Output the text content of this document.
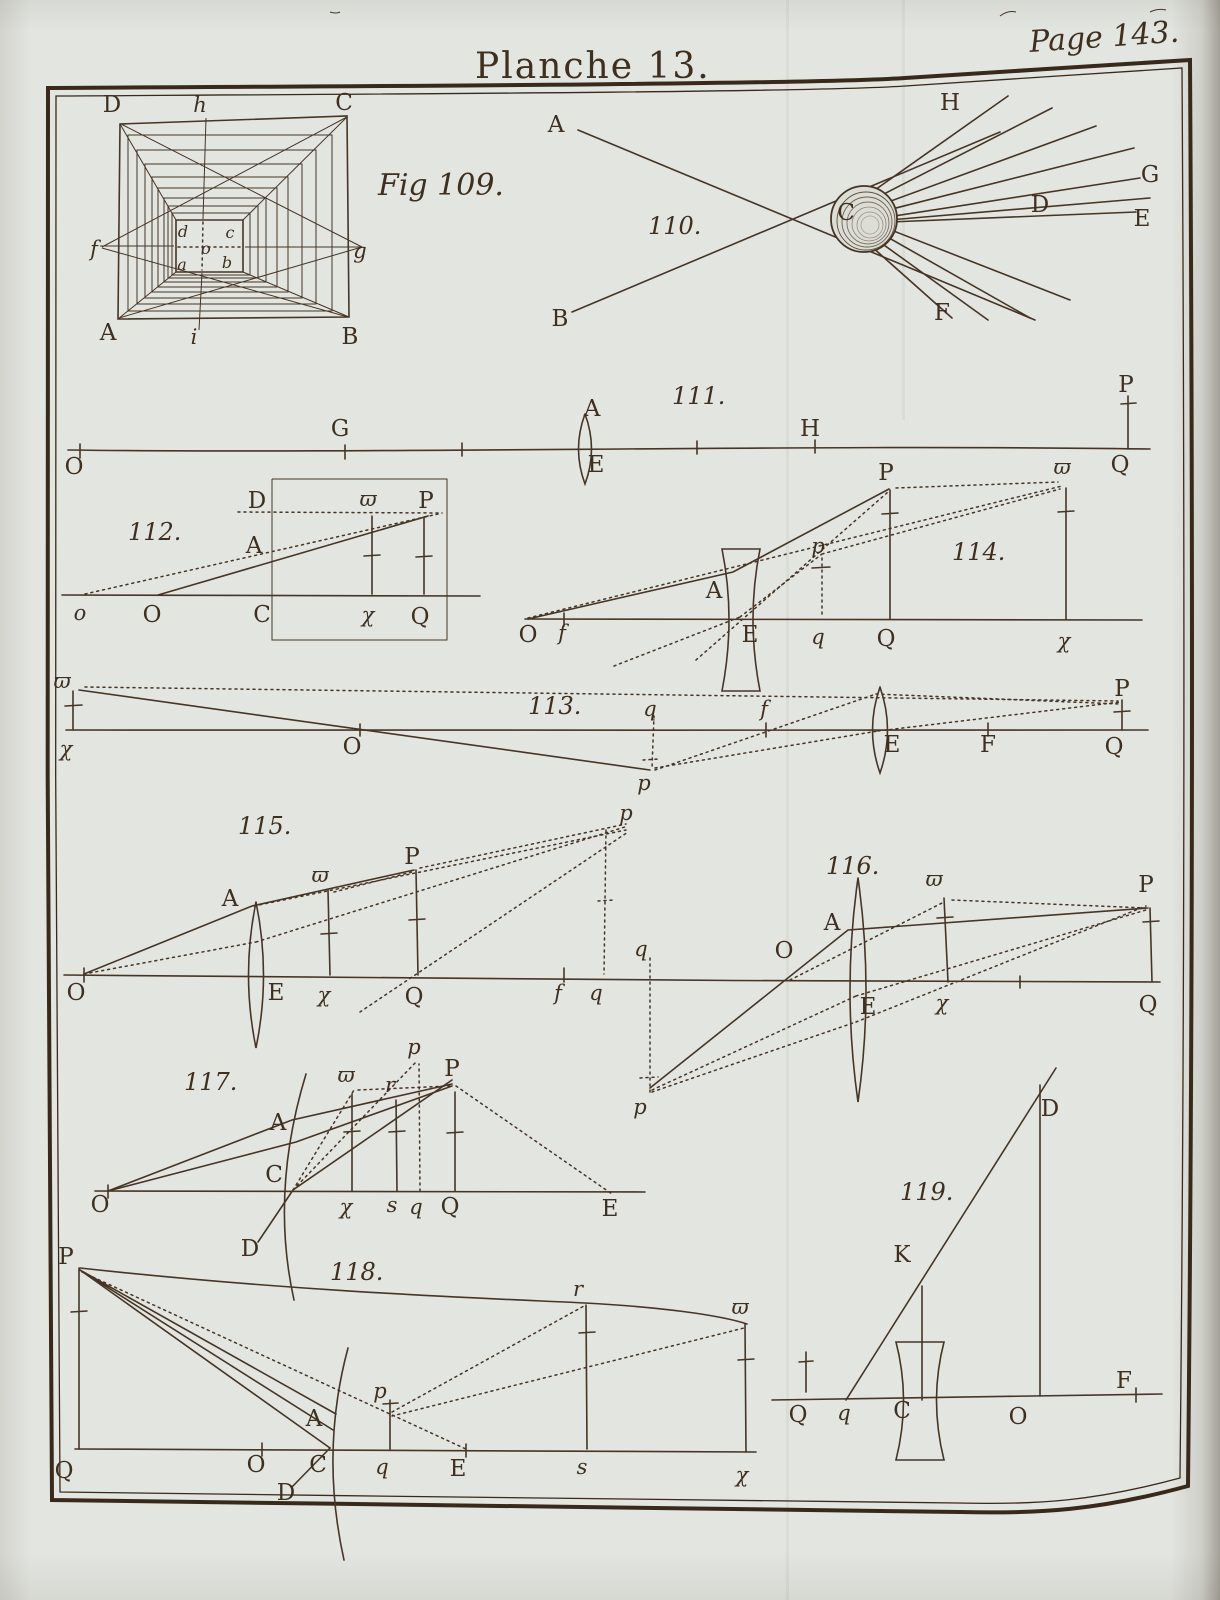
Planche 13.
Page 143.
D	h	C
f	g
A	i	B
d c
a b
o
Fig 109.
A
B
C
H
G
D
E
F
110.
O
G
A
E
H
P
Q
111.
o O	C	χ Q
D
A
ϖ P
112.
ϖ
χ	O
q
p
f
E	F
P
Q
113.
O f
A
E
p
q
P
Q
ϖ
χ
114.
O
A
E χ
ϖ
Q
P
f q
p
115.
q
p
O
A
E	χ
ϖ	P
Q
116.
O
A
C
D
χ s q Q	E
ϖ r
p
P
117.
P
Q	O C
D
A
q
p
E	s
r
χ
ϖ
118.
Q q C	O
F
K
D
119.
